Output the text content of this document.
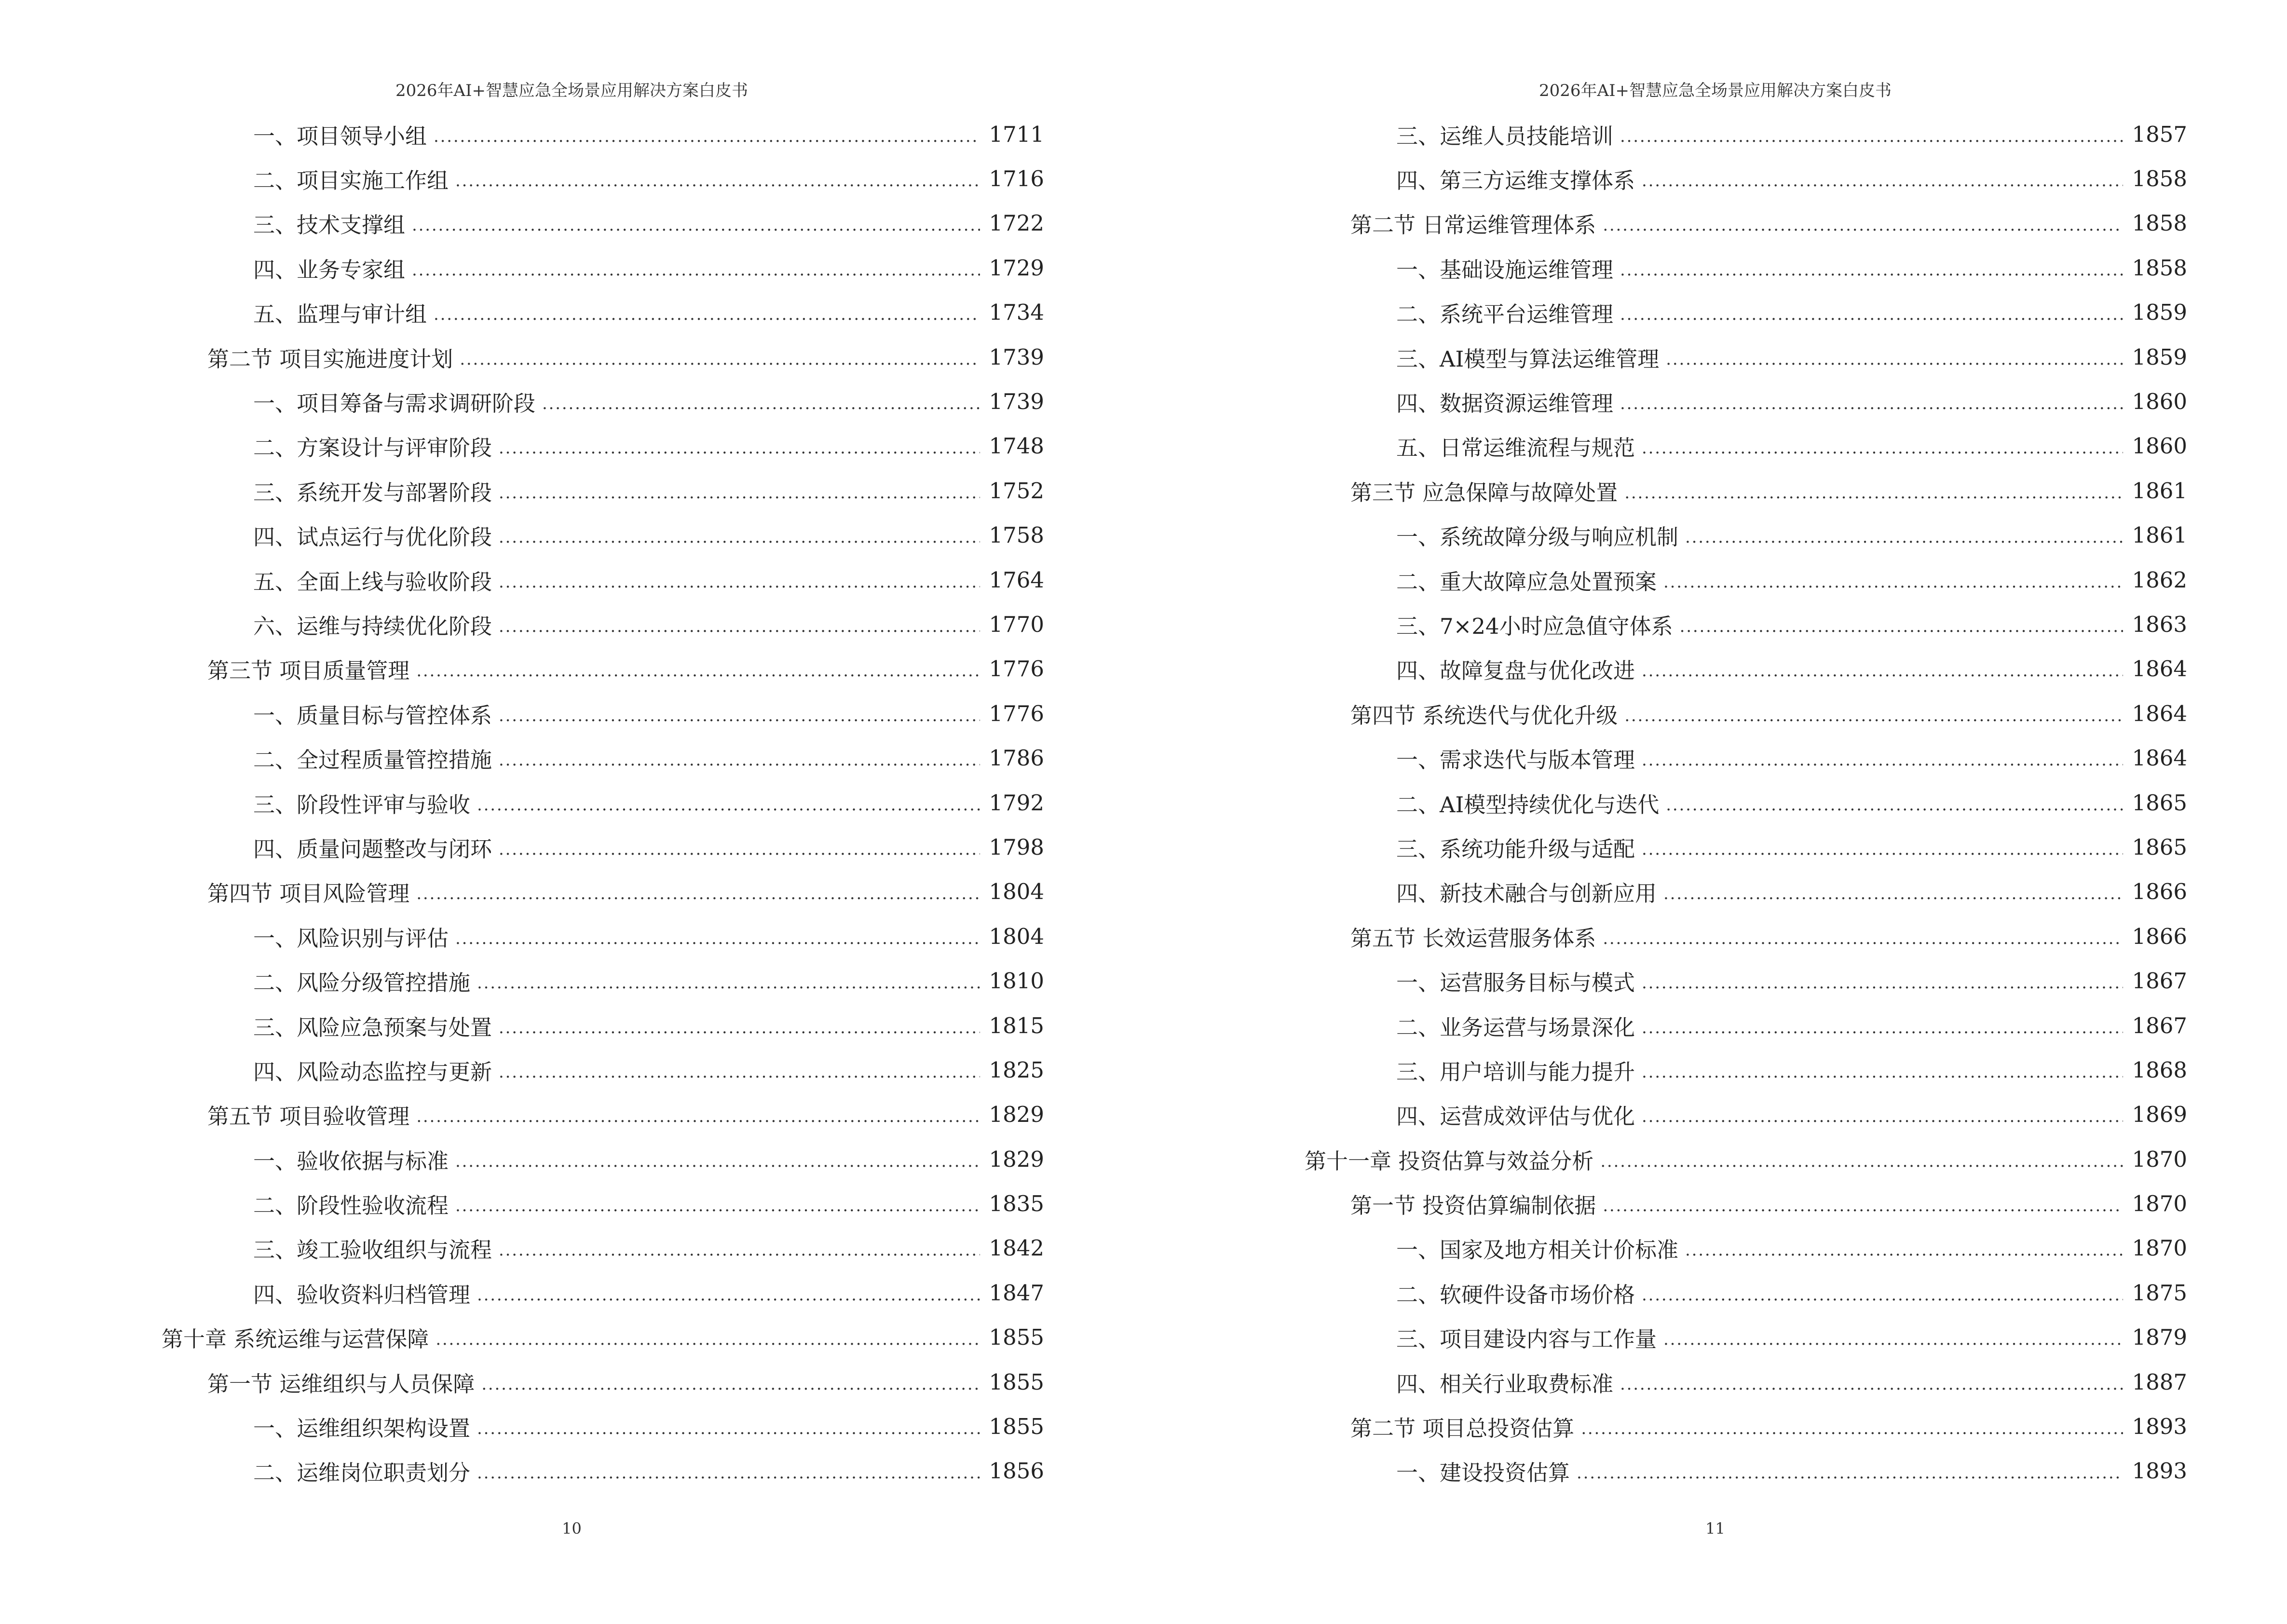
2026年AI+智慧应急全场景应用解决方案白皮书
一、项目领导小组 . . .	1711
二、项目实施工作组 . . .	1716
三、技术支撑组 . . .	1722
四、业务专家组 . . .	1729
五、监理与审计组 . . .	1734
第二节 项目实施进度计划 . . .	1739
一、项目筹备与需求调研阶段 . . .	1739
二、方案设计与评审阶段 . . .	1748
三、系统开发与部署阶段 . . .	1752
四、试点运行与优化阶段 . . .	1758
五、全面上线与验收阶段 . . .	1764
六、运维与持续优化阶段 . . .	1770
第三节 项目质量管理 . . .	1776
一、质量目标与管控体系 . . .	1776
二、全过程质量管控措施 . . .	1786
三、阶段性评审与验收 . . .	1792
四、质量问题整改与闭环 . . .	1798
第四节 项目风险管理 . . .	1804
一、风险识别与评估 . . .	1804
二、风险分级管控措施 . . .	1810
三、风险应急预案与处置 . . .	1815
四、风险动态监控与更新 . . .	1825
第五节 项目验收管理 . . .	1829
一、验收依据与标准 . . .	1829
二、阶段性验收流程 . . .	1835
三、竣工验收组织与流程 . . .	1842
四、验收资料归档管理 . . .	1847
第十章 系统运维与运营保障 . . .	1855
第一节 运维组织与人员保障 . . .	1855
一、运维组织架构设置 . . .	1855
二、运维岗位职责划分 . . .	1856
10
2026年AI+智慧应急全场景应用解决方案白皮书
三、运维人员技能培训 . . .	1857
四、第三方运维支撑体系 . . .	1858
第二节 日常运维管理体系 . . .	1858
一、基础设施运维管理 . . .	1858
二、系统平台运维管理 . . .	1859
三、AI模型与算法运维管理 . . .	1859
四、数据资源运维管理 . . .	1860
五、日常运维流程与规范 . . .	1860
第三节 应急保障与故障处置 . . .	1861
一、系统故障分级与响应机制 . . .	1861
二、重大故障应急处置预案 . . .	1862
三、7×24小时应急值守体系 . . .	1863
四、故障复盘与优化改进 . . .	1864
第四节 系统迭代与优化升级 . . .	1864
一、需求迭代与版本管理 . . .	1864
二、AI模型持续优化与迭代 . . .	1865
三、系统功能升级与适配 . . .	1865
四、新技术融合与创新应用 . . .	1866
第五节 长效运营服务体系 . . .	1866
一、运营服务目标与模式 . . .	1867
二、业务运营与场景深化 . . .	1867
三、用户培训与能力提升 . . .	1868
四、运营成效评估与优化 . . .	1869
第十一章 投资估算与效益分析 . . .	1870
第一节 投资估算编制依据 . . .	1870
一、国家及地方相关计价标准 . . .	1870
二、软硬件设备市场价格 . . .	1875
三、项目建设内容与工作量 . . .	1879
四、相关行业取费标准 . . .	1887
第二节 项目总投资估算 . . .	1893
一、建设投资估算 . . .	1893
11
